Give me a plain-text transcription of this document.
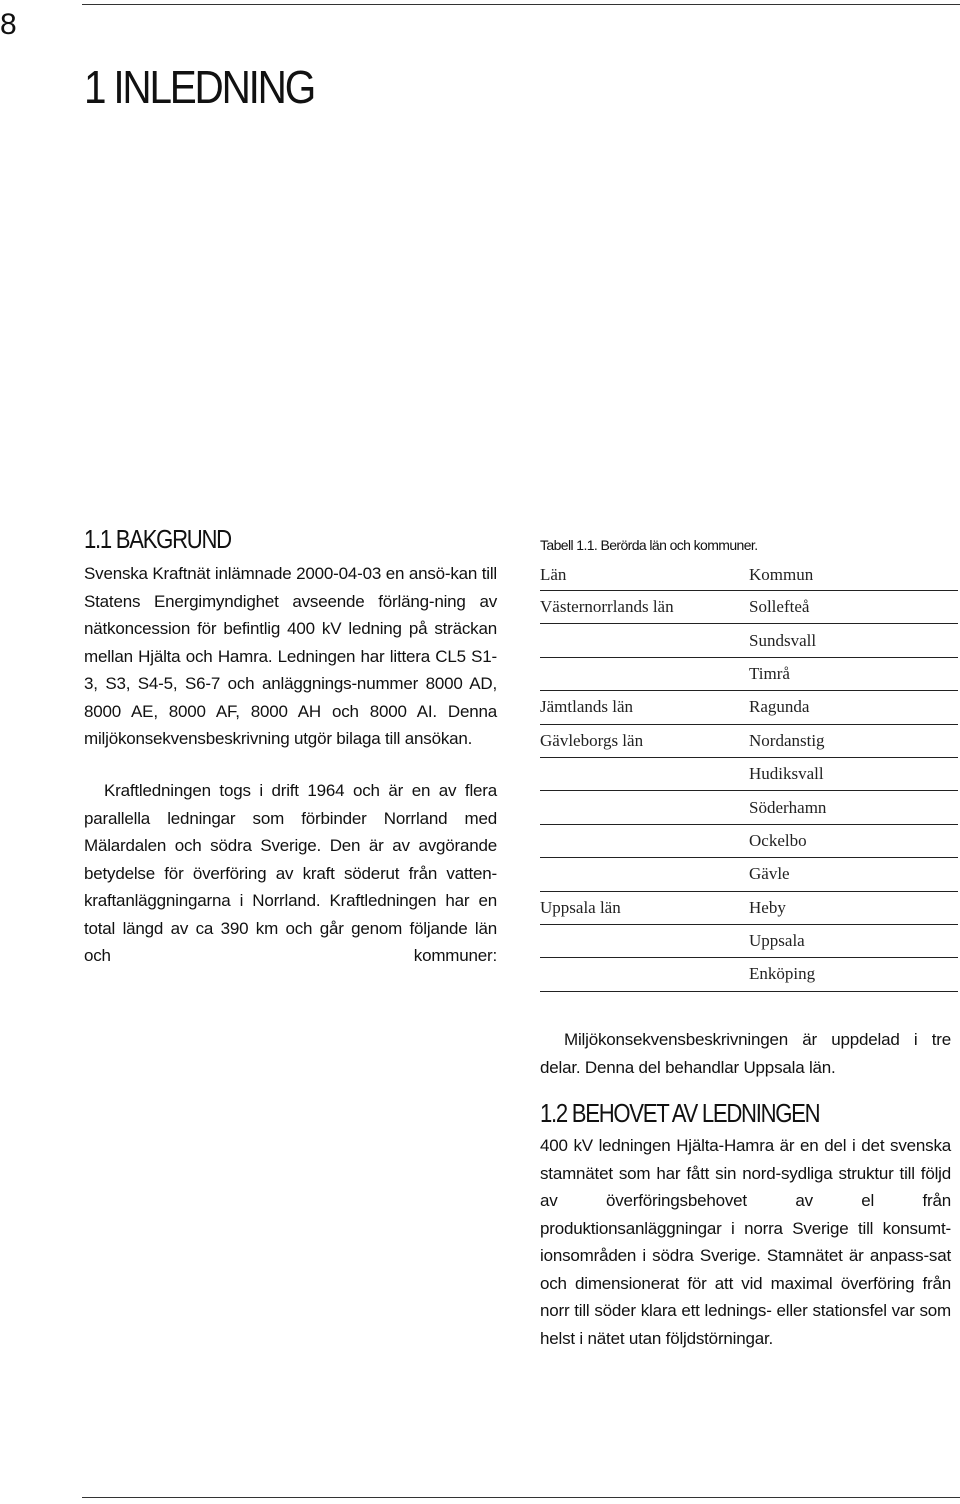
8
1 INLEDNING
1.1 BAKGRUND
Svenska Kraftnät inlämnade 2000-04-03 en ansö-kan till Statens Energimyndighet avseende förläng-ning av nätkoncession för befintlig 400 kV ledning på sträckan mellan Hjälta och Hamra. Ledningen har littera CL5 S1-3, S3, S4-5, S6-7 och anläggnings-nummer 8000 AD, 8000 AE, 8000 AF, 8000 AH och 8000 AI. Denna miljökonsekvensbeskrivning utgör bilaga till ansökan.
Kraftledningen togs i drift 1964 och är en av flera parallella ledningar som förbinder Norrland med Mälardalen och södra Sverige. Den är av avgörande betydelse för överföring av kraft söderut från vatten-kraftanläggningarna i Norrland. Kraftledningen har en total längd av ca 390 km och går genom följande län och kommuner:
Tabell 1.1. Berörda län och kommuner.
Län	Kommun
Västernorrlands län	Sollefteå
	Sundsvall
	Timrå
Jämtlands län	Ragunda
Gävleborgs län	Nordanstig
	Hudiksvall
	Söderhamn
	Ockelbo
	Gävle
Uppsala län	Heby
	Uppsala
	Enköping
Miljökonsekvensbeskrivningen är uppdelad i tre delar. Denna del behandlar Uppsala län.
1.2 BEHOVET AV LEDNINGEN
400 kV ledningen Hjälta-Hamra är en del i det svenska stamnätet som har fått sin nord-sydliga struktur till följd av överföringsbehovet av el från produktionsanläggningar i norra Sverige till konsumt-ionsområden i södra Sverige. Stamnätet är anpass-sat och dimensionerat för att vid maximal överföring från norr till söder klara ett lednings- eller stationsfel var som helst i nätet utan följdstörningar.
